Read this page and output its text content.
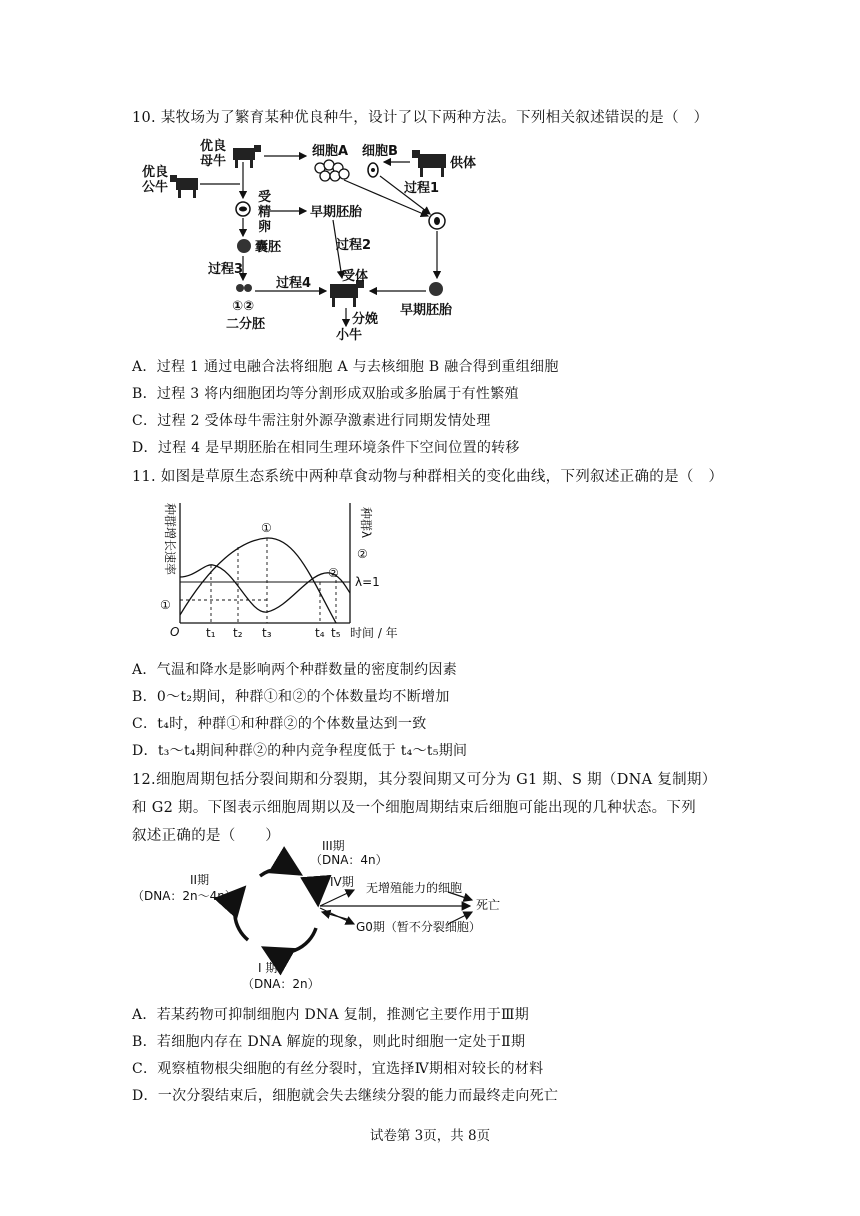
10. 某牧场为了繁育某种优良种牛，设计了以下两种方法。下列相关叙述错误的是（　）
优良母牛
优良公牛
细胞A 细胞B
供体
过程1
受精卵
早期胚胎
囊胚	过程2
过程3	受体
过程4
①②
二分胚
早期胚胎
分娩
小牛
A．过程 1 通过电融合法将细胞 A 与去核细胞 B 融合得到重组细胞
B．过程 3 将内细胞团均等分割形成双胎或多胎属于有性繁殖
C．过程 2 受体母牛需注射外源孕激素进行同期发情处理
D．过程 4 是早期胚胎在相同生理环境条件下空间位置的转移
11. 如图是草原生态系统中两种草食动物与种群相关的变化曲线，下列叙述正确的是（　）
①
②
①
②
λ=1
O t₁ t₂ t₃	t₄ t₅ 时间 / 年
种群增长速率	种群λ
A．气温和降水是影响两个种群数量的密度制约因素
B．0～t₂期间，种群①和②的个体数量均不断增加
C．t₄时，种群①和种群②的个体数量达到一致
D．t₃～t₄期间种群②的种内竞争程度低于 t₄～t₅期间
12.细胞周期包括分裂间期和分裂期，其分裂间期又可分为 G1 期、S 期（DNA 复制期）
和 G2 期。下图表示细胞周期以及一个细胞周期结束后细胞可能出现的几种状态。下列
叙述正确的是（　　）
III期
（DNA：4n）
II期
（DNA：2n～4n）
IV期 无增殖能力的细胞
死亡
G0期（暂不分裂细胞）
I 期
（DNA：2n）
A．若某药物可抑制细胞内 DNA 复制，推测它主要作用于Ⅲ期
B．若细胞内存在 DNA 解旋的现象，则此时细胞一定处于Ⅱ期
C．观察植物根尖细胞的有丝分裂时，宜选择Ⅳ期相对较长的材料
D．一次分裂结束后，细胞就会失去继续分裂的能力而最终走向死亡
试卷第 3页，共 8页
